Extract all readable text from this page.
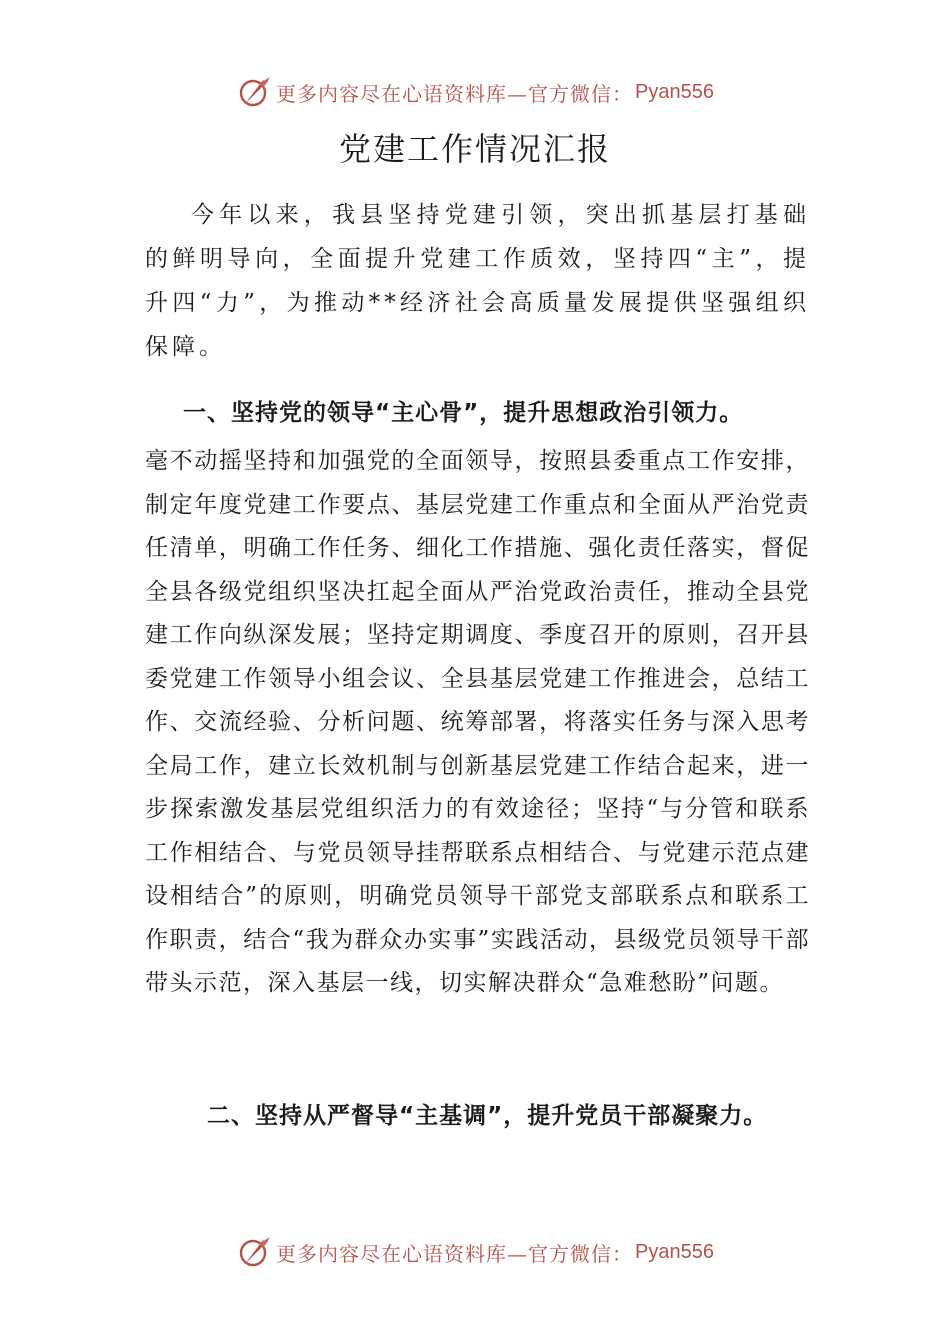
更多内容尽在心语资料库—官方微信： Pyan556
党建工作情况汇报

今年以来，我县坚持党建引领，突出抓基层打基础的鲜明导向，全面提升党建工作质效，坚持四“主”，提升四“力”，为推动**经济社会高质量发展提供坚强组织保障。

一、坚持党的领导“主心骨”，提升思想政治引领力。

毫不动摇坚持和加强党的全面领导，按照县委重点工作安排，制定年度党建工作要点、基层党建工作重点和全面从严治党责任清单，明确工作任务、细化工作措施、强化责任落实，督促全县各级党组织坚决扛起全面从严治党政治责任，推动全县党建工作向纵深发展；坚持定期调度、季度召开的原则，召开县委党建工作领导小组会议、全县基层党建工作推进会，总结工作、交流经验、分析问题、统筹部署，将落实任务与深入思考全局工作，建立长效机制与创新基层党建工作结合起来，进一步探索激发基层党组织活力的有效途径；坚持“与分管和联系工作相结合、与党员领导挂帮联系点相结合、与党建示范点建设相结合”的原则，明确党员领导干部党支部联系点和联系工作职责，结合“我为群众办实事”实践活动，县级党员领导干部带头示范，深入基层一线，切实解决群众“急难愁盼”问题。

二、坚持从严督导“主基调”，提升党员干部凝聚力。
更多内容尽在心语资料库—官方微信： Pyan556
